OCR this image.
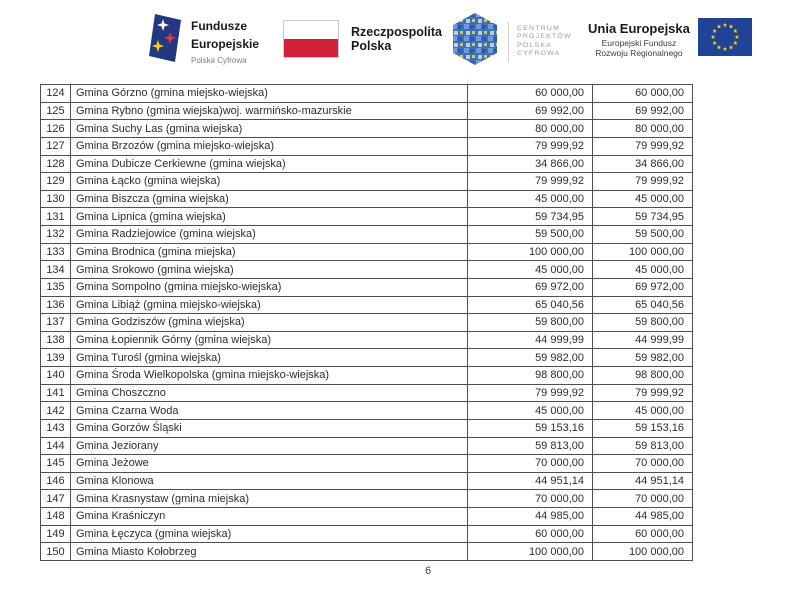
Fundusze
Europejskie
Polska Cyfrowa
Rzeczpospolita
Polska
CENTRUM
PROJEKTÓW
POLSKA
CYFROWA
Unia Europejska
Europejski Fundusz
Rozwoju Regionalnego
124	Gmina Górzno (gmina miejsko-wiejska)	60 000,00	60 000,00
125	Gmina Rybno (gmina wiejska)woj. warmińsko-mazurskie	69 992,00	69 992,00
126	Gmina Suchy Las (gmina wiejska)	80 000,00	80 000,00
127	Gmina Brzozów (gmina miejsko-wiejska)	79 999,92	79 999,92
128	Gmina Dubicze Cerkiewne (gmina wiejska)	34 866,00	34 866,00
129	Gmina Łącko (gmina wiejska)	79 999,92	79 999,92
130	Gmina Biszcza (gmina wiejska)	45 000,00	45 000,00
131	Gmina Lipnica (gmina wiejska)	59 734,95	59 734,95
132	Gmina Radziejowice (gmina wiejska)	59 500,00	59 500,00
133	Gmina Brodnica (gmina miejska)	100 000,00	100 000,00
134	Gmina Srokowo (gmina wiejska)	45 000,00	45 000,00
135	Gmina Sompolno (gmina miejsko-wiejska)	69 972,00	69 972,00
136	Gmina Libiąż (gmina miejsko-wiejska)	65 040,56	65 040,56
137	Gmina Godziszów (gmina wiejska)	59 800,00	59 800,00
138	Gmina Łopiennik Górny (gmina wiejska)	44 999,99	44 999,99
139	Gmina Turośl (gmina wiejska)	59 982,00	59 982,00
140	Gmina Środa Wielkopolska (gmina miejsko-wiejska)	98 800,00	98 800,00
141	Gmina Choszczno	79 999,92	79 999,92
142	Gmina Czarna Woda	45 000,00	45 000,00
143	Gmina Gorzów Śląski	59 153,16	59 153,16
144	Gmina Jeziorany	59 813,00	59 813,00
145	Gmina Jeżowe	70 000,00	70 000,00
146	Gmina Klonowa	44 951,14	44 951,14
147	Gmina Krasnystaw (gmina miejska)	70 000,00	70 000,00
148	Gmina Kraśniczyn	44 985,00	44 985,00
149	Gmina Łęczyca (gmina wiejska)	60 000,00	60 000,00
150	Gmina Miasto Kołobrzeg	100 000,00	100 000,00
6
